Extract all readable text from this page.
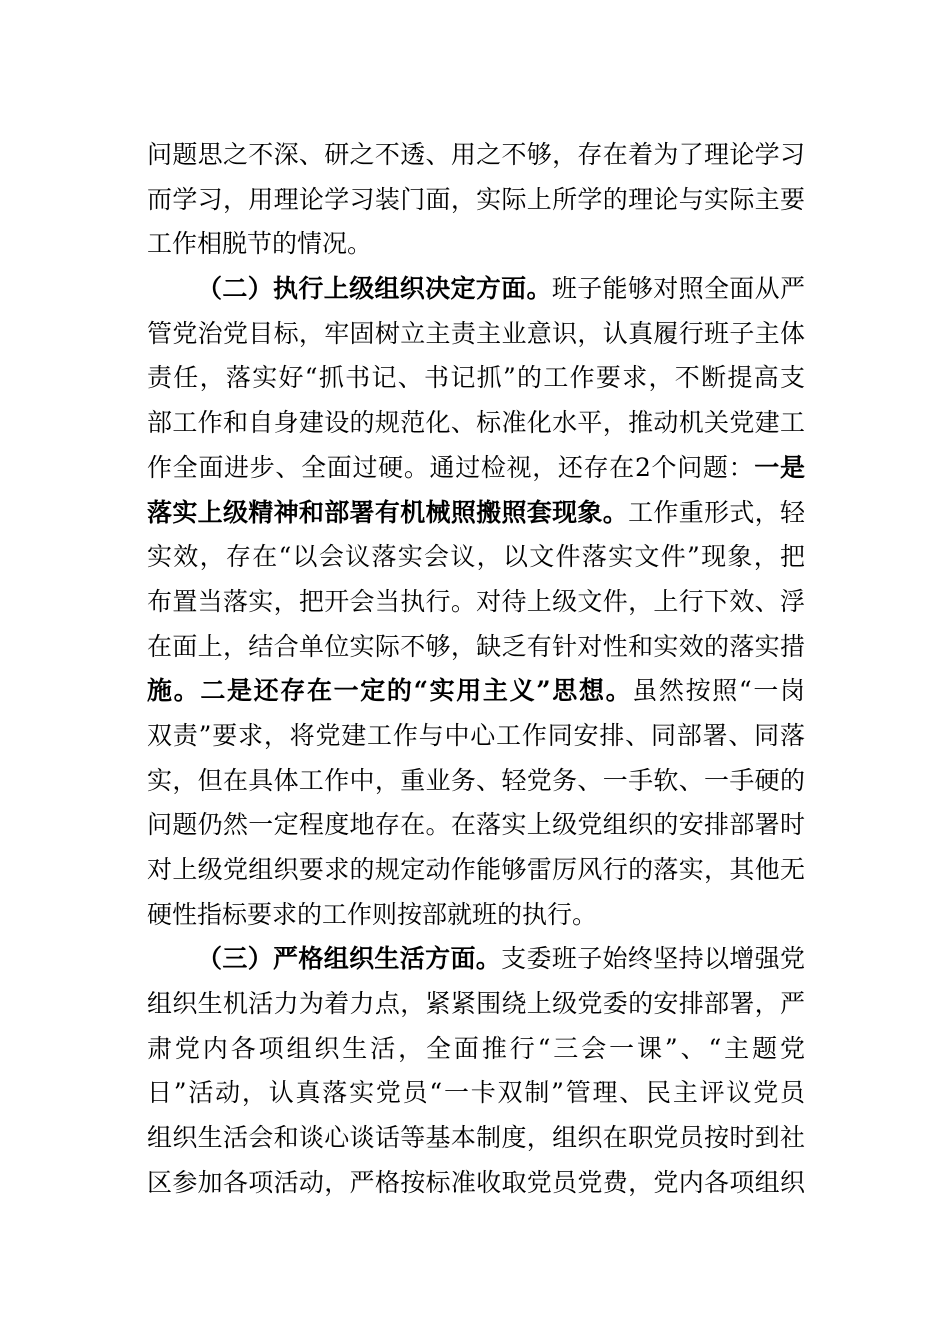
问题思之不深、研之不透、用之不够，存在着为了理论学习
而学习，用理论学习装门面，实际上所学的理论与实际主要
工作相脱节的情况。
（二）执行上级组织决定方面。班子能够对照全面从严
管党治党目标，牢固树立主责主业意识，认真履行班子主体
责任，落实好“抓书记、书记抓”的工作要求，不断提高支
部工作和自身建设的规范化、标准化水平，推动机关党建工
作全面进步、全面过硬。通过检视，还存在2个问题：一是
落实上级精神和部署有机械照搬照套现象。工作重形式，轻
实效，存在“以会议落实会议，以文件落实文件”现象，把
布置当落实，把开会当执行。对待上级文件，上行下效、浮
在面上，结合单位实际不够，缺乏有针对性和实效的落实措
施。二是还存在一定的“实用主义”思想。虽然按照“一岗
双责”要求，将党建工作与中心工作同安排、同部署、同落
实，但在具体工作中，重业务、轻党务、一手软、一手硬的
问题仍然一定程度地存在。在落实上级党组织的安排部署时
对上级党组织要求的规定动作能够雷厉风行的落实，其他无
硬性指标要求的工作则按部就班的执行。
（三）严格组织生活方面。支委班子始终坚持以增强党
组织生机活力为着力点，紧紧围绕上级党委的安排部署，严
肃党内各项组织生活，全面推行“三会一课”、“主题党
日”活动，认真落实党员“一卡双制”管理、民主评议党员
组织生活会和谈心谈话等基本制度，组织在职党员按时到社
区参加各项活动，严格按标准收取党员党费，党内各项组织
